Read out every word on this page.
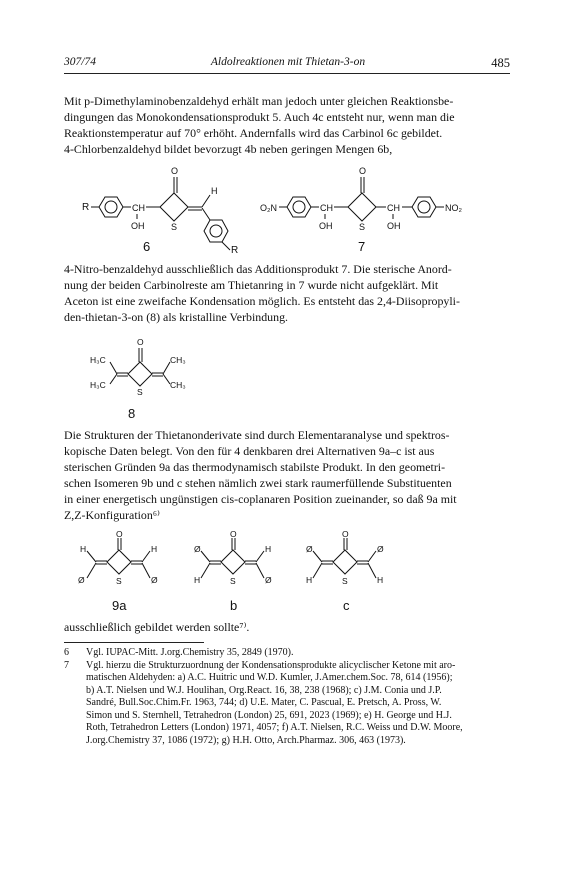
307/74	Aldolreaktionen mit Thietan-3-on	485
Mit p-Dimethylaminobenzaldehyd erhält man jedoch unter gleichen Reaktionsbe-
dingungen das Monokondensationsprodukt 5. Auch 4c entsteht nur, wenn man die
Reaktionstemperatur auf 70° erhöht. Andernfalls wird das Carbinol 6c gebildet.
4-Chlorbenzaldehyd bildet bevorzugt 4b neben geringen Mengen 6b,
R	CH
OH
O
S
H
R
O₂N	CH
OH
O
S
CH
OH
NO₂
6	7
4-Nitro-benzaldehyd ausschließlich das Additionsprodukt 7. Die sterische Anord-
nung der beiden Carbinolreste am Thietanring in 7 wurde nicht aufgeklärt. Mit
Aceton ist eine zweifache Kondensation möglich. Es entsteht das 2,4-Diisopropyli-
den-thietan-3-on (8) als kristalline Verbindung.
H₃C
H₃C
O
S
CH₃
CH₃
8
Die Strukturen der Thietanonderivate sind durch Elementaranalyse und spektros-
kopische Daten belegt. Von den für 4 denkbaren drei Alternativen 9a–c ist aus
sterischen Gründen 9a das thermodynamisch stabilste Produkt. In den geometri-
schen Isomeren 9b und c stehen nämlich zwei stark raumerfüllende Substituenten
in einer energetisch ungünstigen cis-coplanaren Position zueinander, so daß 9a mit
Z,Z-Konfiguration⁶⁾
H
Ø
O
S
H
Ø
Ø
H
O
S
H
Ø
Ø
H
O
S
Ø
H
9a	b	c
ausschließlich gebildet werden sollte⁷⁾.
6	Vgl. IUPAC-Mitt. J.org.Chemistry 35, 2849 (1970).
7	Vgl. hierzu die Strukturzuordnung der Kondensationsprodukte alicyclischer Ketone mit aro-
matischen Aldehyden: a) A.C. Huitric und W.D. Kumler, J.Amer.chem.Soc. 78, 614 (1956);
b) A.T. Nielsen und W.J. Houlihan, Org.React. 16, 38, 238 (1968); c) J.M. Conia und J.P.
Sandré, Bull.Soc.Chim.Fr. 1963, 744; d) U.E. Mater, C. Pascual, E. Pretsch, A. Pross, W.
Simon und S. Sternhell, Tetrahedron (London) 25, 691, 2023 (1969); e) H. George und H.J.
Roth, Tetrahedron Letters (London) 1971, 4057; f) A.T. Nielsen, R.C. Weiss und D.W. Moore,
J.org.Chemistry 37, 1086 (1972); g) H.H. Otto, Arch.Pharmaz. 306, 463 (1973).
